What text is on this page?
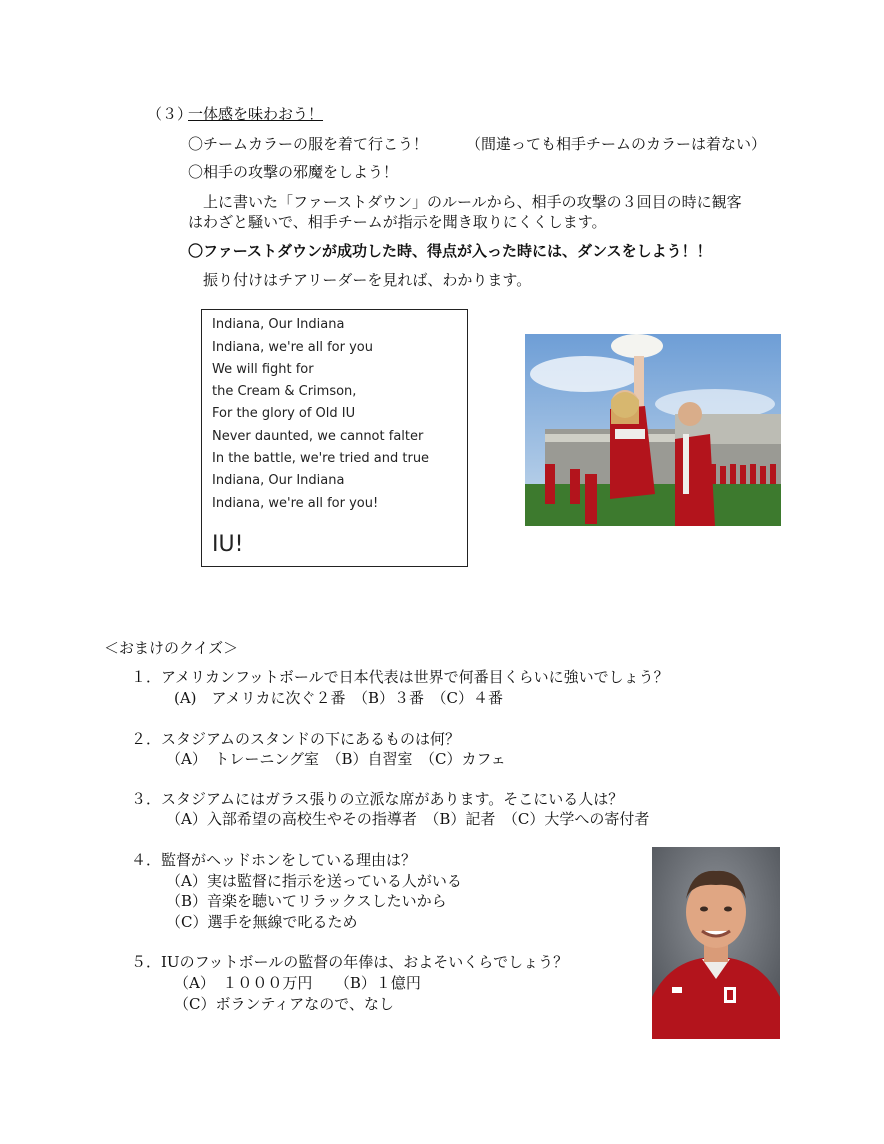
（３）
一体感を味わおう！
〇チームカラーの服を着て行こう！	（間違っても相手チームのカラーは着ない）
〇相手の攻撃の邪魔をしよう！
上に書いた「ファーストダウン」のルールから、相手の攻撃の３回目の時に観客
はわざと騒いで、相手チームが指示を聞き取りにくくします。
〇ファーストダウンが成功した時、得点が入った時には、ダンスをしよう！！
振り付けはチアリーダーを見れば、わかります。
Indiana, Our Indiana
Indiana, we're all for you
We will fight for
the Cream & Crimson,
For the glory of Old IU
Never daunted, we cannot falter
In the battle, we're tried and true
Indiana, Our Indiana
Indiana, we're all for you!
IU!
＜おまけのクイズ＞
１．アメリカンフットボールで日本代表は世界で何番目くらいに強いでしょう？
(A)　アメリカに次ぐ２番　（B）３番　（C）４番
２．スタジアムのスタンドの下にあるものは何？
（A）　トレーニング室　（B）自習室　（C）カフェ
３．スタジアムにはガラス張りの立派な席があります。そこにいる人は？
（A）入部希望の高校生やその指導者　（B）記者　（C）大学への寄付者
４．監督がヘッドホンをしている理由は？
（A）実は監督に指示を送っている人がいる
（B）音楽を聴いてリラックスしたいから
（C）選手を無線で叱るため
５．IUのフットボールの監督の年俸は、およそいくらでしょう？
（A）　１０００万円　　（B）１億円
（C）ボランティアなので、なし
